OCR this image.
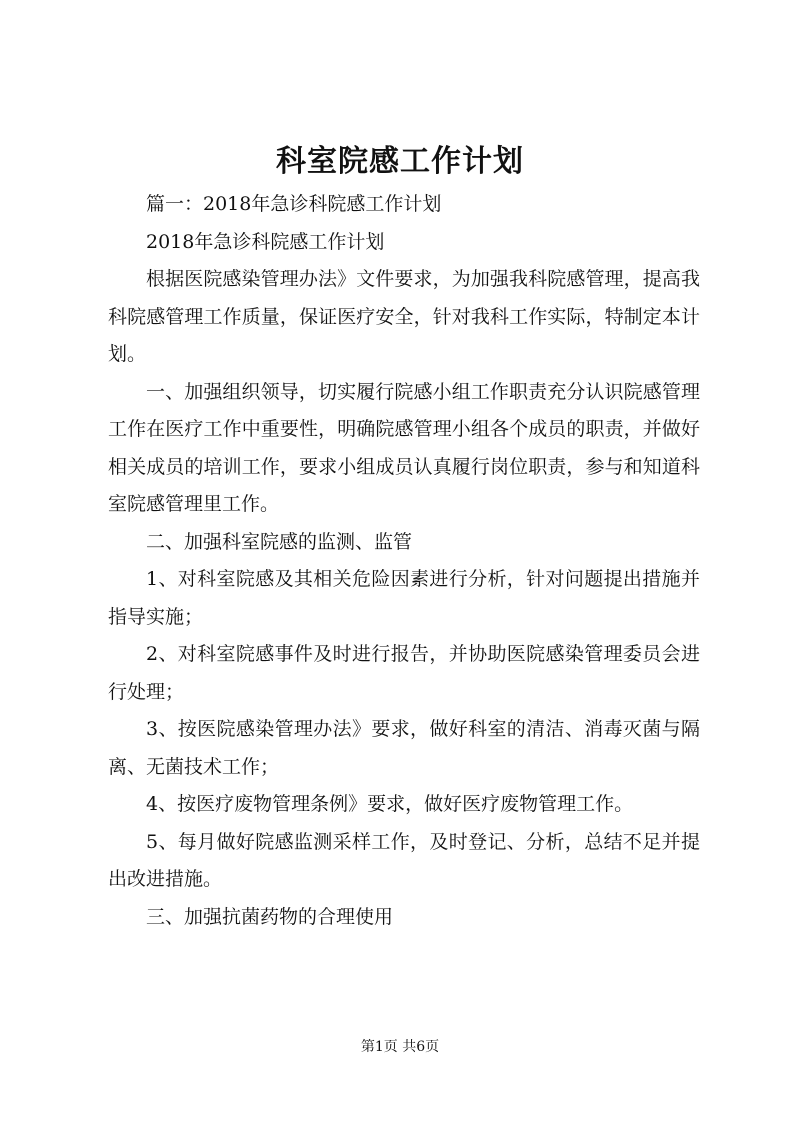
科室院感工作计划

篇一：2018年急诊科院感工作计划

2018年急诊科院感工作计划

根据医院感染管理办法》文件要求，为加强我科院感管理，提高我科院感管理工作质量，保证医疗安全，针对我科工作实际，特制定本计划。

一、加强组织领导，切实履行院感小组工作职责充分认识院感管理工作在医疗工作中重要性，明确院感管理小组各个成员的职责，并做好相关成员的培训工作，要求小组成员认真履行岗位职责，参与和知道科室院感管理里工作。

二、加强科室院感的监测、监管

1、对科室院感及其相关危险因素进行分析，针对问题提出措施并指导实施；

2、对科室院感事件及时进行报告，并协助医院感染管理委员会进行处理；

3、按医院感染管理办法》要求，做好科室的清洁、消毒灭菌与隔离、无菌技术工作；

4、按医疗废物管理条例》要求，做好医疗废物管理工作。

5、每月做好院感监测采样工作，及时登记、分析，总结不足并提出改进措施。

三、加强抗菌药物的合理使用

第1页 共6页
